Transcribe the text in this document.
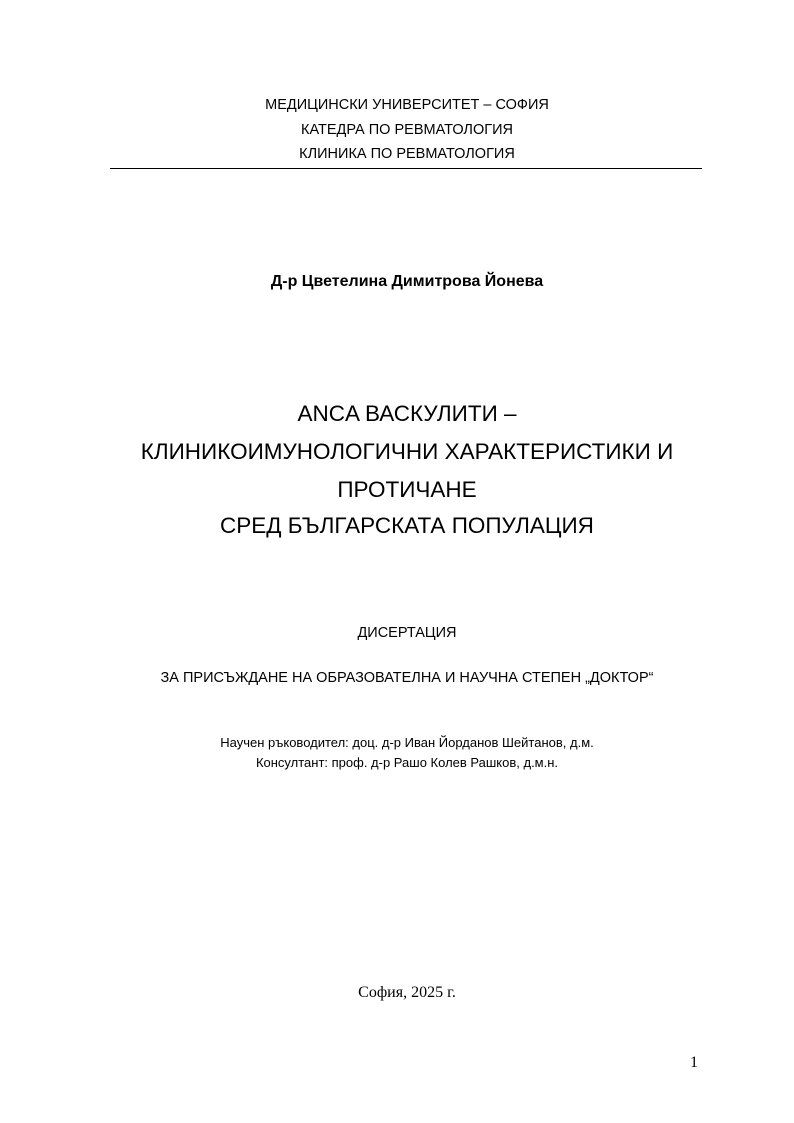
МЕДИЦИНСКИ УНИВЕРСИТЕТ – СОФИЯ
КАТЕДРА ПО РЕВМАТОЛОГИЯ
КЛИНИКА ПО РЕВМАТОЛОГИЯ
Д-р Цветелина Димитрова Йонева
ANCA ВАСКУЛИТИ –
КЛИНИКОИМУНОЛОГИЧНИ ХАРАКТЕРИСТИКИ И
ПРОТИЧАНЕ
СРЕД БЪЛГАРСКАТА ПОПУЛАЦИЯ
ДИСЕРТАЦИЯ
ЗА ПРИСЪЖДАНЕ НА ОБРАЗОВАТЕЛНА И НАУЧНА СТЕПЕН „ДОКТОР“
Научен ръководител: доц. д-р Иван Йорданов Шейтанов, д.м.
Консултант: проф. д-р Рашо Колев Рашков, д.м.н.
София, 2025 г.
1
